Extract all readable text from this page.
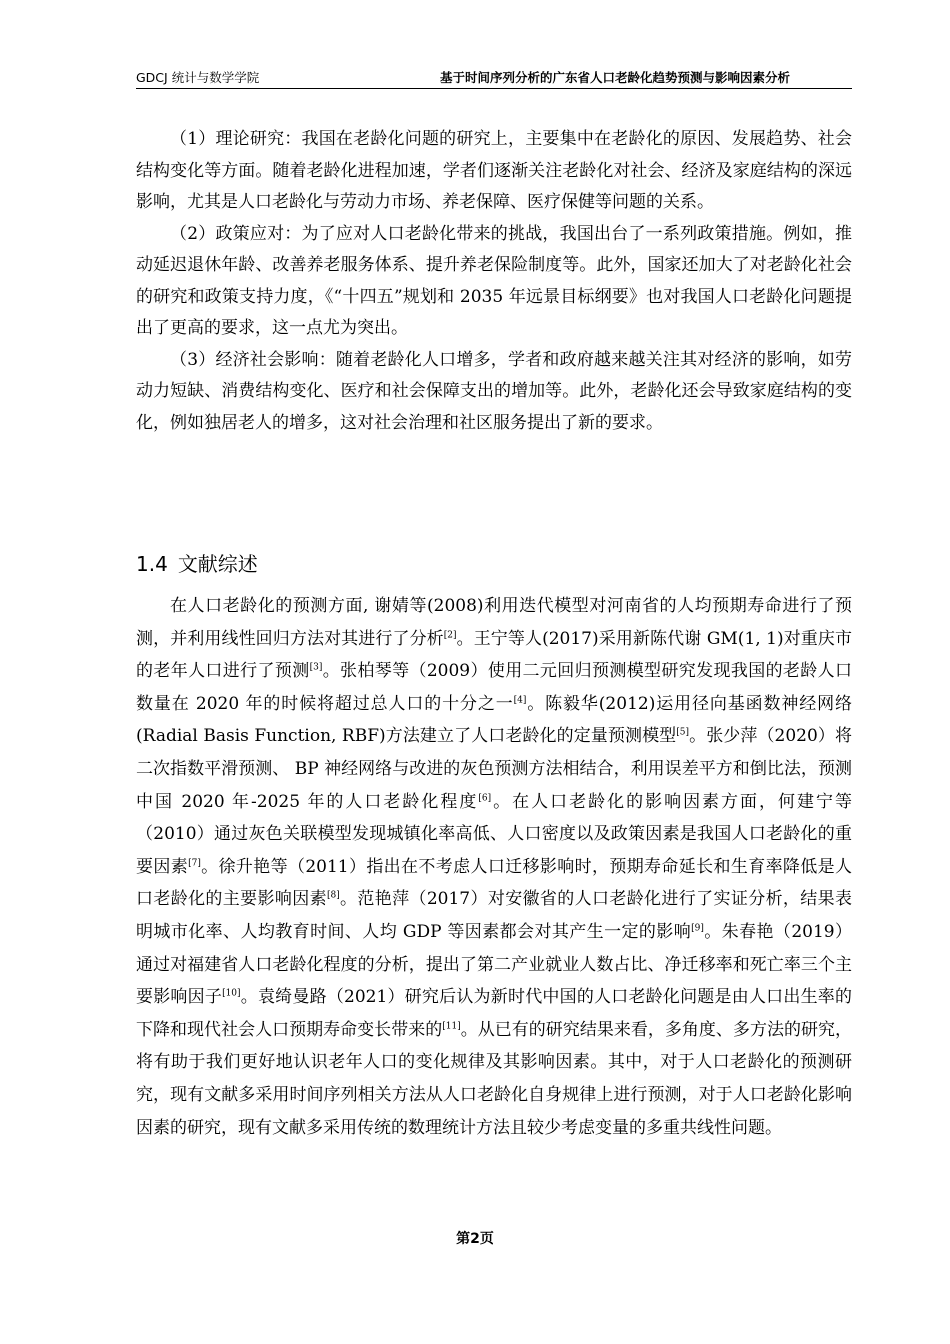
GDCJ 统计与数学学院	基于时间序列分析的广东省人口老龄化趋势预测与影响因素分析

（1）理论研究：我国在老龄化问题的研究上，主要集中在老龄化的原因、发展趋势、社会结构变化等方面。随着老龄化进程加速，学者们逐渐关注老龄化对社会、经济及家庭结构的深远影响，尤其是人口老龄化与劳动力市场、养老保障、医疗保健等问题的关系。

（2）政策应对：为了应对人口老龄化带来的挑战，我国出台了一系列政策措施。例如，推动延迟退休年龄、改善养老服务体系、提升养老保险制度等。此外，国家还加大了对老龄化社会的研究和政策支持力度，《“十四五”规划和 2035 年远景目标纲要》也对我国人口老龄化问题提出了更高的要求，这一点尤为突出。

（3）经济社会影响：随着老龄化人口增多，学者和政府越来越关注其对经济的影响，如劳动力短缺、消费结构变化、医疗和社会保障支出的增加等。此外，老龄化还会导致家庭结构的变化，例如独居老人的增多，这对社会治理和社区服务提出了新的要求。

1.4 文献综述

在人口老龄化的预测方面, 谢婧等(2008)利用迭代模型对河南省的人均预期寿命进行了预测，并利用线性回归方法对其进行了分析[2]。王宁等人(2017)采用新陈代谢 GM(1, 1)对重庆市的老年人口进行了预测[3]。张柏琴等（2009）使用二元回归预测模型研究发现我国的老龄人口数量在 2020 年的时候将超过总人口的十分之一[4]。陈毅华(2012)运用径向基函数神经网络(Radial Basis Function, RBF)方法建立了人口老龄化的定量预测模型[5]。张少萍（2020）将二次指数平滑预测、 BP 神经网络与改进的灰色预测方法相结合，利用误差平方和倒比法，预测中国 2020 年-2025 年的人口老龄化程度[6]。在人口老龄化的影响因素方面，何建宁等（2010）通过灰色关联模型发现城镇化率高低、人口密度以及政策因素是我国人口老龄化的重要因素[7]。徐升艳等（2011）指出在不考虑人口迁移影响时，预期寿命延长和生育率降低是人口老龄化的主要影响因素[8]。范艳萍（2017）对安徽省的人口老龄化进行了实证分析，结果表明城市化率、人均教育时间、人均 GDP 等因素都会对其产生一定的影响[9]。朱春艳（2019）通过对福建省人口老龄化程度的分析，提出了第二产业就业人数占比、净迁移率和死亡率三个主要影响因子[10]。袁绮曼路（2021）研究后认为新时代中国的人口老龄化问题是由人口出生率的下降和现代社会人口预期寿命变长带来的[11]。从已有的研究结果来看，多角度、多方法的研究，将有助于我们更好地认识老年人口的变化规律及其影响因素。其中，对于人口老龄化的预测研究，现有文献多采用时间序列相关方法从人口老龄化自身规律上进行预测，对于人口老龄化影响因素的研究，现有文献多采用传统的数理统计方法且较少考虑变量的多重共线性问题。

第2页
